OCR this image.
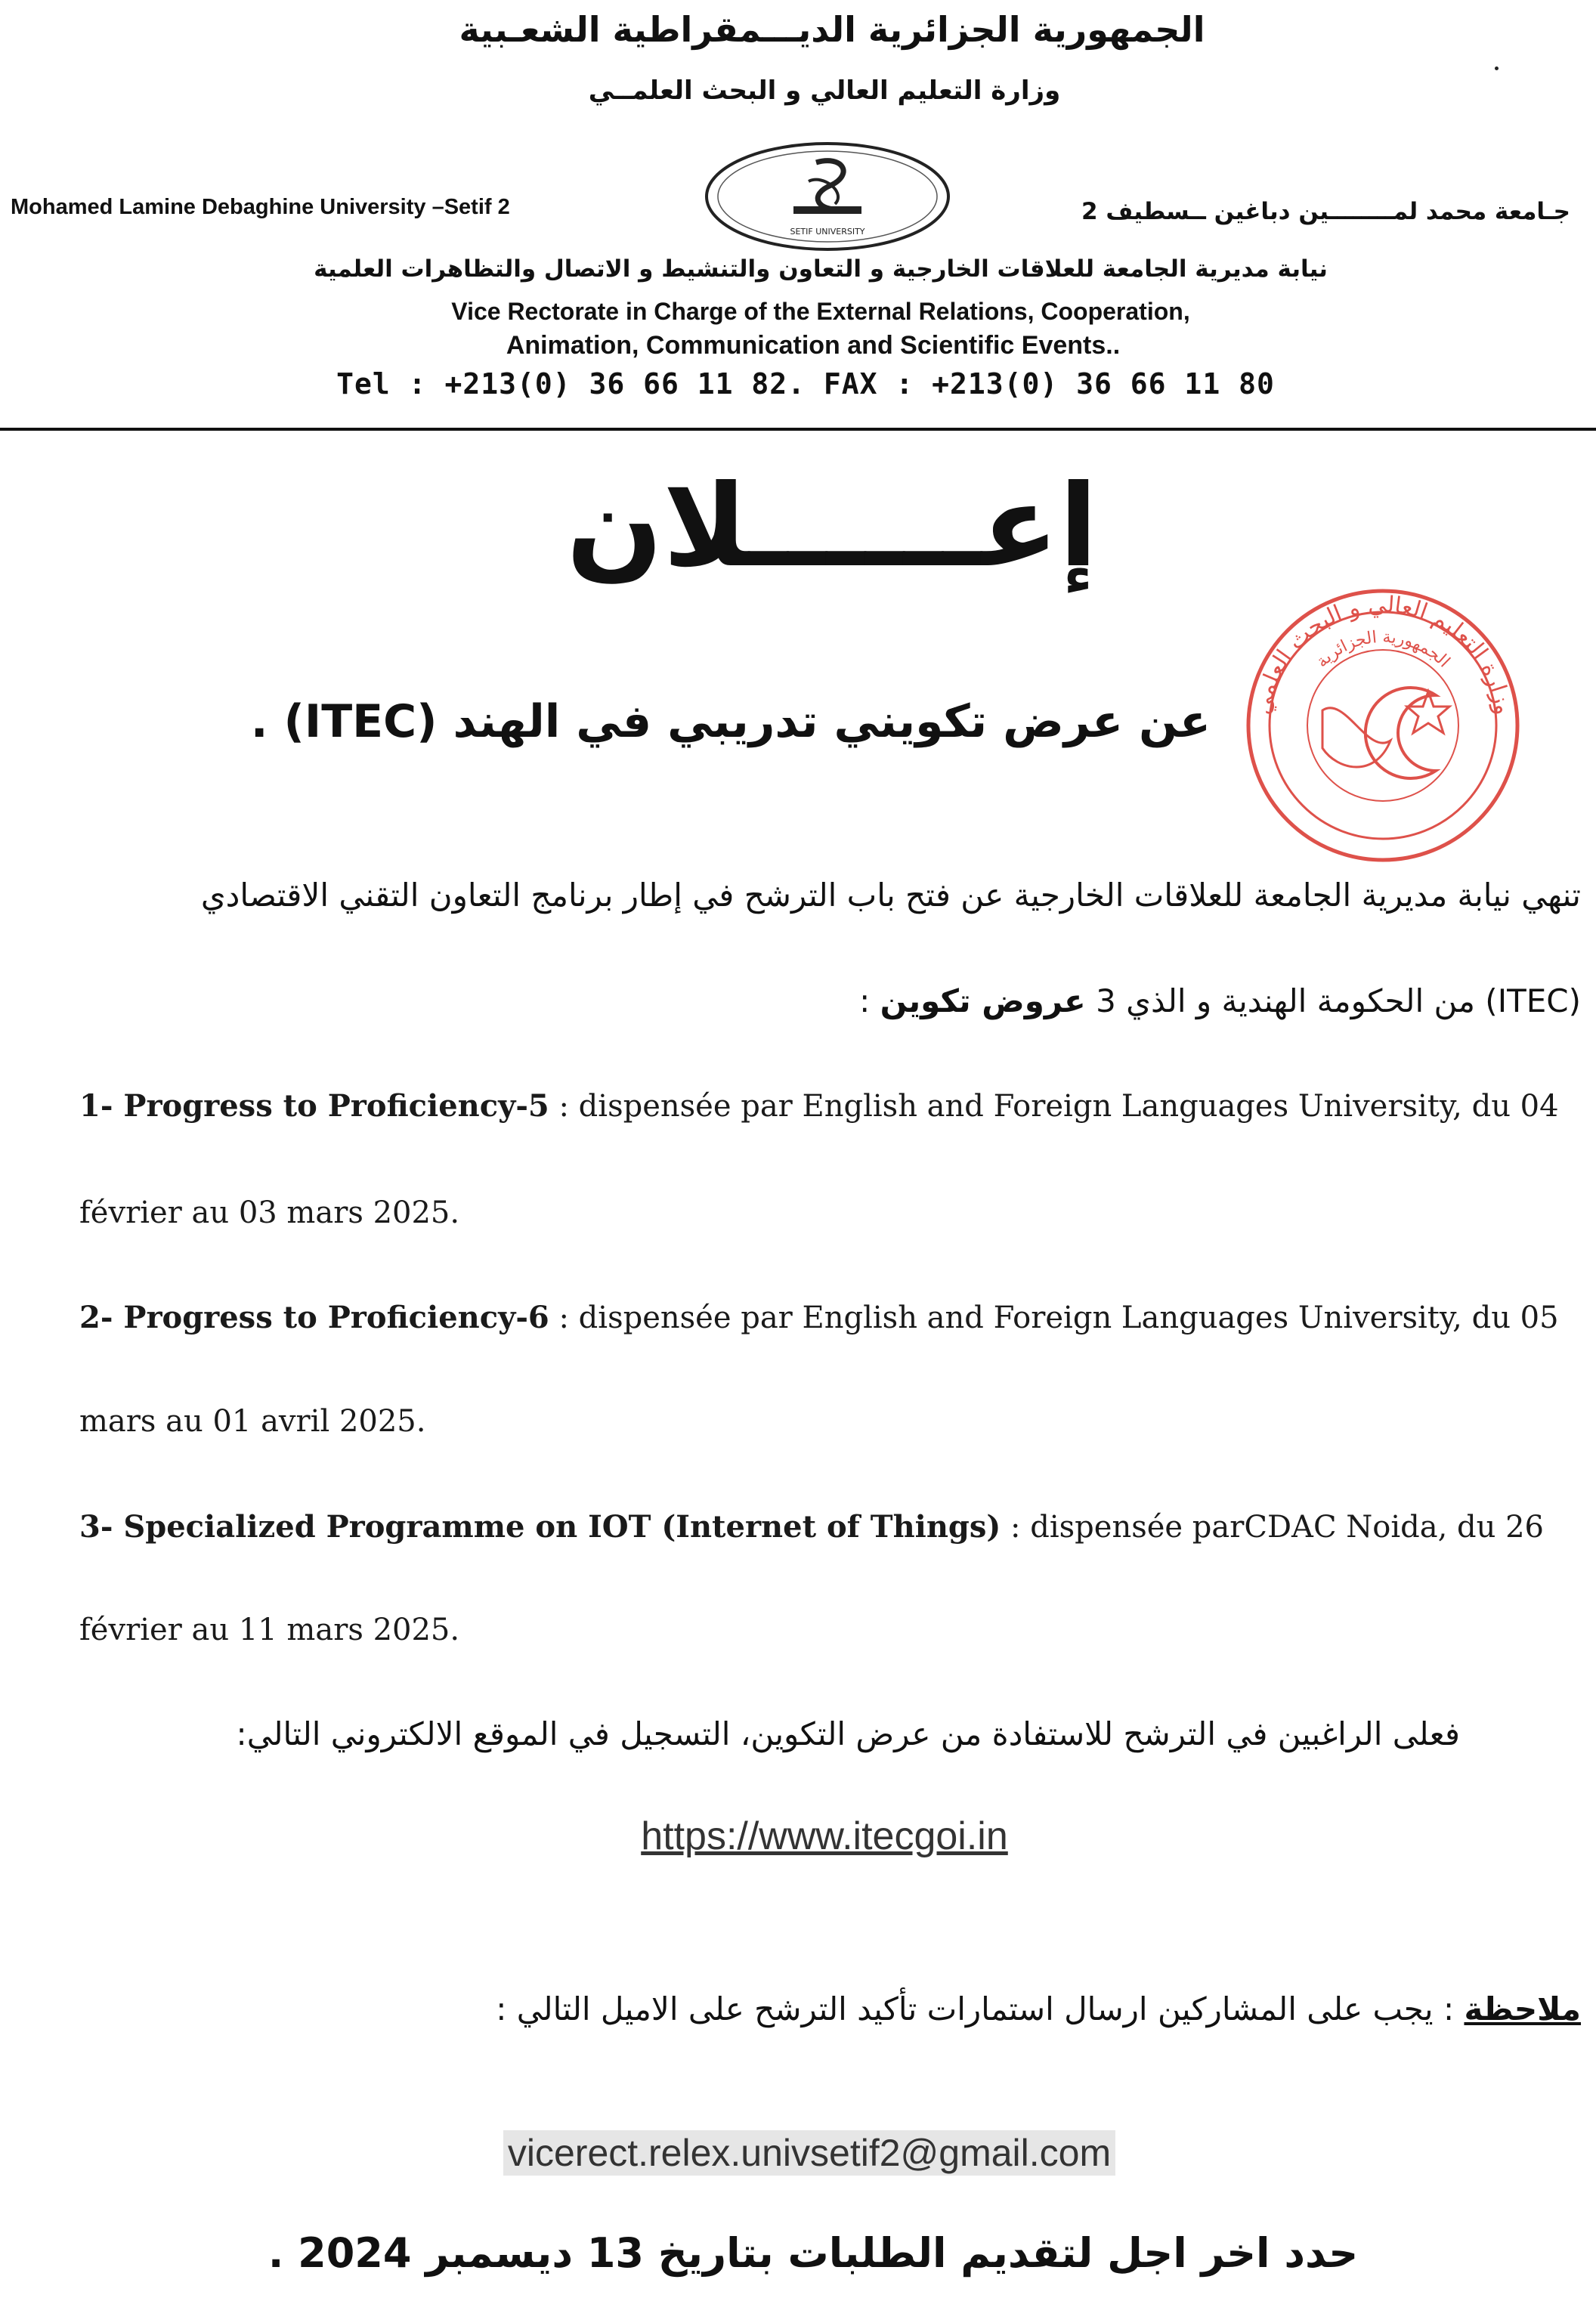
الجمهورية الجزائرية الديـــمقراطية الشعـبية
وزارة التعليم العالي و البحث العلمــي
Mohamed Lamine Debaghine University –Setif 2	جـامعة محمد لمــــــــين دباغين ــسطيف 2
SETIF UNIVERSITY
نيابة مديرية الجامعة للعلاقات الخارجية و التعاون والتنشيط و الاتصال والتظاهرات العلمية
Vice Rectorate in Charge of the External Relations, Cooperation,
Animation, Communication and Scientific Events..
Tel : +213(0) 36 66 11 82. FAX : +213(0) 36 66 11 80
إعــــــلان
وزارة التعليم العالي و البحث العلمي
الجمهورية الجزائرية
عن عرض تكويني تدريبي في الهند (ITEC) .
تنهي نيابة مديرية الجامعة للعلاقات الخارجية عن فتح باب الترشح في إطار برنامج التعاون التقني الاقتصادي
(ITEC) من الحكومة الهندية و الذي 3 عروض تكوين :
1- Progress to Proficiency-5 : dispensée par English and Foreign Languages University, du 04
février au 03 mars 2025.
2- Progress to Proficiency-6 : dispensée par English and Foreign Languages University, du 05
mars au 01 avril 2025.
3- Specialized Programme on IOT (Internet of Things) : dispensée parCDAC Noida, du 26
février au 11 mars 2025.
فعلى الراغبين في الترشح للاستفادة من عرض التكوين، التسجيل في الموقع الالكتروني التالي:
https://www.itecgoi.in
ملاحظة : يجب على المشاركين ارسال استمارات تأكيد الترشح على الاميل التالي :
vicerect.relex.univsetif2@gmail.com
حدد اخر اجل لتقديم الطلبات بتاريخ 13 ديسمبر 2024 .
